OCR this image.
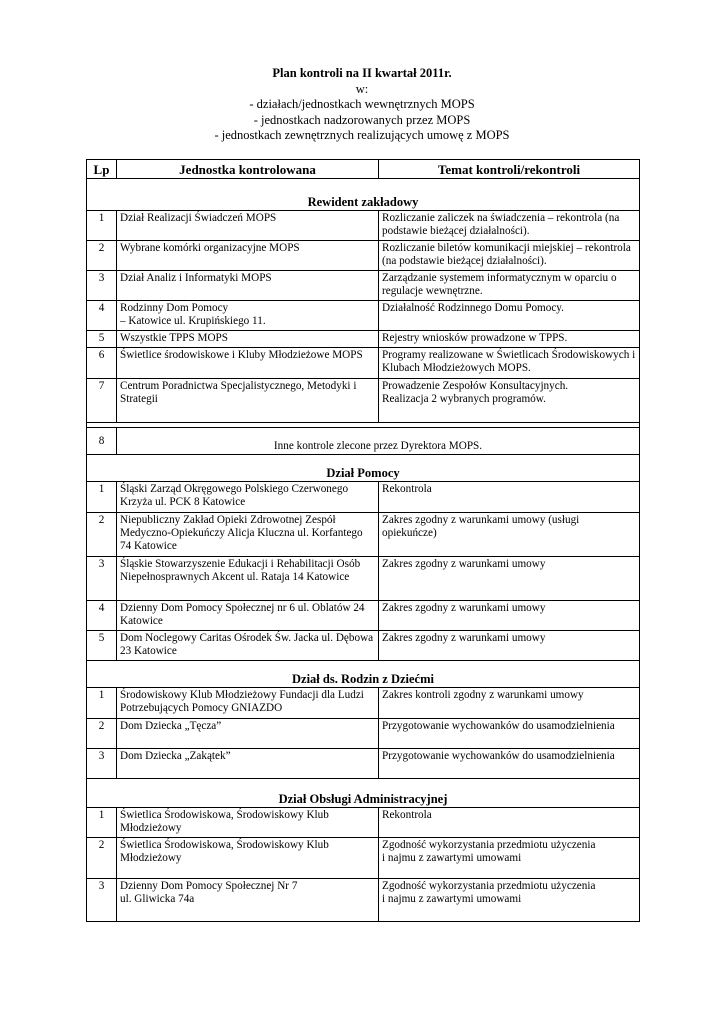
Plan kontroli na II kwartał 2011r.
w:
- działach/jednostkach wewnętrznych MOPS
- jednostkach nadzorowanych przez MOPS
- jednostkach zewnętrznych realizujących umowę z MOPS
Lp	Jednostka kontrolowana	Temat kontroli/rekontroli
Rewident zakładowy		
1	Dział Realizacji Świadczeń MOPS	Rozliczanie zaliczek na świadczenia – rekontrola (na podstawie bieżącej działalności).
2	Wybrane komórki organizacyjne MOPS	Rozliczanie biletów komunikacji miejskiej – rekontrola (na podstawie bieżącej działalności).
3	Dział Analiz i Informatyki MOPS	Zarządzanie systemem informatycznym w oparciu o regulacje wewnętrzne.
4	Rodzinny Dom Pomocy
– Katowice ul. Krupińskiego 11.	Działalność Rodzinnego Domu Pomocy.
5	Wszystkie TPPS MOPS	Rejestry wniosków prowadzone w TPPS.
6	Świetlice środowiskowe i Kluby Młodzieżowe MOPS	Programy realizowane w Świetlicach Środowiskowych i Klubach Młodzieżowych MOPS.
7	Centrum Poradnictwa Specjalistycznego, Metodyki i Strategii	Prowadzenie Zespołów Konsultacyjnych.
Realizacja 2 wybranych programów.

8	Inne kontrole zlecone przez Dyrektora MOPS.	
Dział Pomocy		
1	Śląski Zarząd Okręgowego Polskiego Czerwonego Krzyża ul. PCK 8 Katowice	Rekontrola
2	Niepubliczny Zakład Opieki Zdrowotnej Zespół Medyczno-Opiekuńczy Alicja Kluczna ul. Korfantego 74 Katowice	Zakres zgodny z warunkami umowy (usługi opiekuńcze)
3	Śląskie Stowarzyszenie Edukacji i Rehabilitacji Osób Niepełnosprawnych Akcent ul. Rataja 14 Katowice	Zakres zgodny z warunkami umowy
4	Dzienny Dom Pomocy Społecznej nr 6 ul. Oblatów 24 Katowice	Zakres zgodny z warunkami umowy
5	Dom Noclegowy Caritas Ośrodek Św. Jacka ul. Dębowa 23 Katowice	Zakres zgodny z warunkami umowy
Dział ds. Rodzin z Dziećmi		
1	Środowiskowy Klub Młodzieżowy Fundacji dla Ludzi Potrzebujących Pomocy GNIAZDO	Zakres kontroli zgodny z warunkami umowy
2	Dom Dziecka „Tęcza”	Przygotowanie wychowanków do usamodzielnienia
3	Dom Dziecka „Zakątek”	Przygotowanie wychowanków do usamodzielnienia
Dział Obsługi Administracyjnej		
1	Świetlica Środowiskowa, Środowiskowy Klub Młodzieżowy	Rekontrola
2	Świetlica Środowiskowa, Środowiskowy Klub Młodzieżowy	Zgodność wykorzystania przedmiotu użyczenia
i najmu z zawartymi umowami
3	Dzienny Dom Pomocy Społecznej Nr 7
ul. Gliwicka 74a	Zgodność wykorzystania przedmiotu użyczenia
i najmu z zawartymi umowami
